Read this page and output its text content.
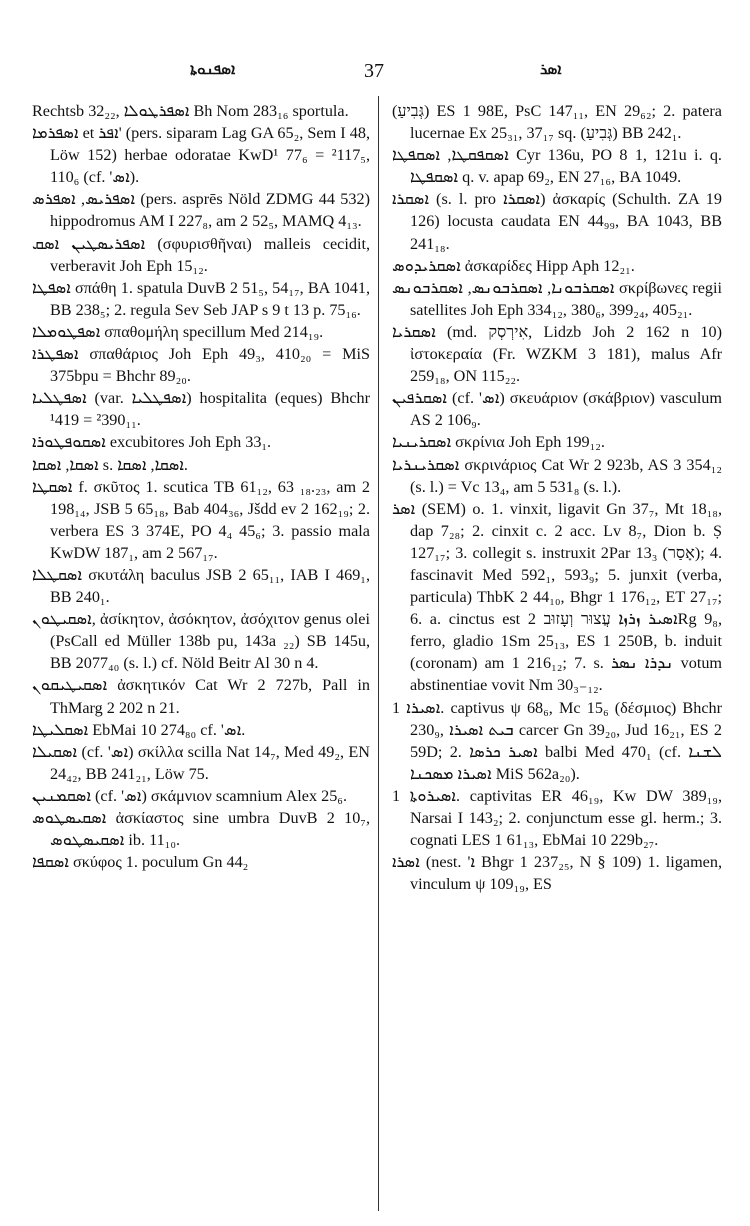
ܐܣܦܢܘܬܐ	37	ܐܣܪ

Rechtsb 32₂₂, ܐܣܦܪܛܘܠܐ Bh Nom 283₁₆ sportula.

ܐܣܦܪܡܐ et ܐܦܪ' (pers. siparam Lag GA 65₂, Sem I 48, Löw 152) herbae odoratae KwD¹ 77₆ = ²117₅, 110₆ (cf. 'ܐܣ).

ܐܣܦܪܝܣ, ܐܣܦܪܣ (pers. asprēs Nöld ZDMG 44 532) hippodromus AM I 227₈, am 2 52₅, MAMQ 4₁₃.

ܐܣܦܪܝܣܛܝܢ ܐܣܩ (σφυρισθῆναι) malleis cecidit, verberavit Joh Eph 15₁₂.

ܐܣܦܛܐ σπάθη 1. spatula DuvB 2 51₅, 54₁₇, BA 1041, BB 238₅; 2. regula Sev Seb JAP s 9 t 13 p. 75₁₆.

ܐܣܦܛܘܡܠܐ σπαθομήλη specillum Med 214₁₉.

ܐܣܦܛܪܐ σπαθάριος Joh Eph 49₃, 410₂₀ = MiS 375bpu = Bhchr 89₂₀.

ܐܣܦܛܠܝܐ (var. ܐܣܦܛܠܝܐ) hospitalita (eques) Bhchr ¹419 = ²390₁₁.

ܐܣܩܘܦܛܘܪܐ excubitores Joh Eph 33₁.

ܐܣܩܐ, ܐܣܩܐ s. ܐܣܩܐ, ܐܣܩܐ.

ܐܣܩܛܐ f. σκῦτος 1. scutica TB 61₁₂, 63 ₁₈.₂₃, am 2 198₁₄, JSB 5 65₁₈, Bab 404₃₆, Jšdd ev 2 162₁₉; 2. verbera ES 3 374E, PO 4₄ 45₆; 3. passio mala KwDW 187₁, am 2 567₁₇.

ܐܣܩܛܠܐ σκυτάλη baculus JSB 2 65₁₁, IAB I 469₁, BB 240₁.

ܐܣܩܝܛܘܢ, ἀσίκητον, ἀσόκητον, ἀσόχιτον genus olei (PsCall ed Müller 138b pu, 143a ₂₂) SB 145u, BB 2077₄₀ (s. l.) cf. Nöld Beitr Al 30 n 4.

ܐܣܩܝܛܝܩܘܢ ἀσκητικόν Cat Wr 2 727b, Pall in ThMarg 2 202 n 21.

ܐܣܩܠܝܛܐ EbMai 10 274₈₀ cf. 'ܐܣ.

ܐܣܩܝܠܐ (cf. 'ܐܣ) σκίλλα scilla Nat 14₇, Med 49₂, EN 24₄₂, BB 241₂₁, Löw 75.

ܐܣܩܡܢܝܢ (cf. 'ܐܣ) σκάμνιον scamnium Alex 25₆.

ܐܣܩܝܣܛܘܣ ἀσκίαστος sine umbra DuvB 2 10₇, ܐܣܩܝܣܛܘܣ ib. 11₁₀.

ܐܣܩܦܐ σκύφος 1. poculum Gn 44₂

(גְּבִיעַ) ES 1 98E, PsC 147₁₁, EN 29₆₂; 2. patera lucernae Ex 25₃₁, 37₁₇ sq. (גְּבִיעַ) BB 242₁.

ܐܣܩܦܩܛܐ, ܐܣܩܦܛܐ Cyr 136u, PO 8 1, 121u i. q. ܐܣܩܦܛܐ q. v. apap 69₂, EN 27₁₆, BA 1049.

ܐܣܩܪܐ (s. l. pro ܐܣܩܪܐ) ἀσκαρίς (Schulth. ZA 19 126) locusta caudata EN 44₉₉, BA 1043, BB 241₁₈.

ܐܣܩܪܝܕܘܣ ἀσκαρίδες Hipp Aph 12₂₁.

ܐܣܩܪܒܘܢܐ, ܐܣܩܪܒܘܢܣ, ܐܣܩܪܒܘܢܣ σκρίβωνες regii satellites Joh Eph 334₁₂, 380₆, 399₂₄, 405₂₁.

ܐܣܩܪܝܐ (md. אִירְסְק, Lidzb Joh 2 162 n 10) ἰστοκεραία (Fr. WZKM 3 181), malus Afr 259₁₈, ON 115₂₂.

ܐܣܩܪܦܝܢ (cf. 'ܐܣ) σκευάριον (σκάβριον) vasculum AS 2 106₉.

ܐܣܩܪܝܢܝܐ σκρίνια Joh Eph 199₁₂.

ܐܣܩܪܝܢܪܝܐ σκρινάριος Cat Wr 2 923b, AS 3 354₁₂ (s. l.) = Vc 13₄, am 5 531₈ (s. l.).

ܐܣܪ (SEM) o. 1. vinxit, ligavit Gn 37₇, Mt 18₁₈, dap 7₂₈; 2. cinxit c. 2 acc. Lv 8₇, Dion b. Ṣ 127₁₇; 3. collegit s. instruxit 2Par 13₃ (אָסַר); 4. fascinavit Med 592₁, 593₉; 5. junxit (verba, particula) ThbK 2 44₁₀, Bhgr 1 176₁₂, ET 27₁₇; 6. a. cinctus est ܐܣܝܪ ܙܪܙܐ עֲצוּר וְעָזוּב 2Rg 9₈, ferro, gladio 1Sm 25₁₃, ES 1 250B, b. induit (coronam) am 1 216₁₂; 7. s. ܢܕܪܐ ܢܣܪ votum abstinentiae vovit Nm 30₃₋₁₂.

ܐܣܝܪܐ 1. captivus ψ 68₆, Mc 15₆ (δέσμιος) Bhchr 230₉, ܒܝܬ ܐܣܝܪܐ carcer Gn 39₂₀, Jud 16₂₁, ES 2 59D; 2. ܐܣܝܪ ܟܪܣܐ balbi Med 470₁ (cf. ܠܫܢܐ ܐܣܝܪܐ ܡܣܟܢܐ MiS 562a₂₀).

ܐܣܝܪܘܬܐ 1. captivitas ER 46₁₉, Kw DW 389₁₉, Narsai I 143₂; 2. conjunctum esse gl. herm.; 3. cognati LES 1 61₁₃, EbMai 10 229b₂₇.

ܐܣܪܐ (nest. 'ܐ Bhgr 1 237₂₅, N § 109) 1. ligamen, vinculum ψ 109₁₉, ES
